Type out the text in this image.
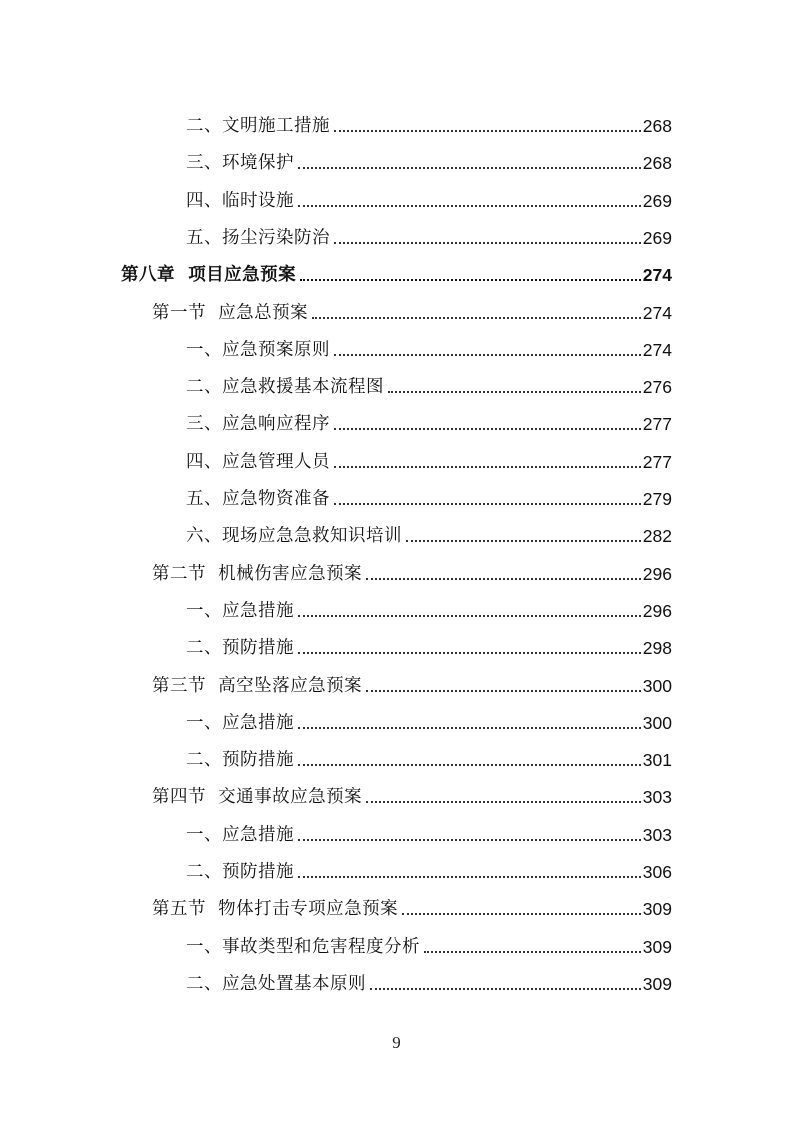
二、 文明施工措施	268
三、 环境保护	268
四、 临时设施	269
五、 扬尘污染防治	269
第八章 项目应急预案	274
第一节 应急总预案	274
一、 应急预案原则	274
二、 应急救援基本流程图	276
三、 应急响应程序	277
四、 应急管理人员	277
五、 应急物资准备	279
六、 现场应急急救知识培训	282
第二节 机械伤害应急预案	296
一、 应急措施	296
二、 预防措施	298
第三节 高空坠落应急预案	300
一、 应急措施	300
二、 预防措施	301
第四节 交通事故应急预案	303
一、 应急措施	303
二、 预防措施	306
第五节 物体打击专项应急预案	309
一、 事故类型和危害程度分析	309
二、 应急处置基本原则	309
9
